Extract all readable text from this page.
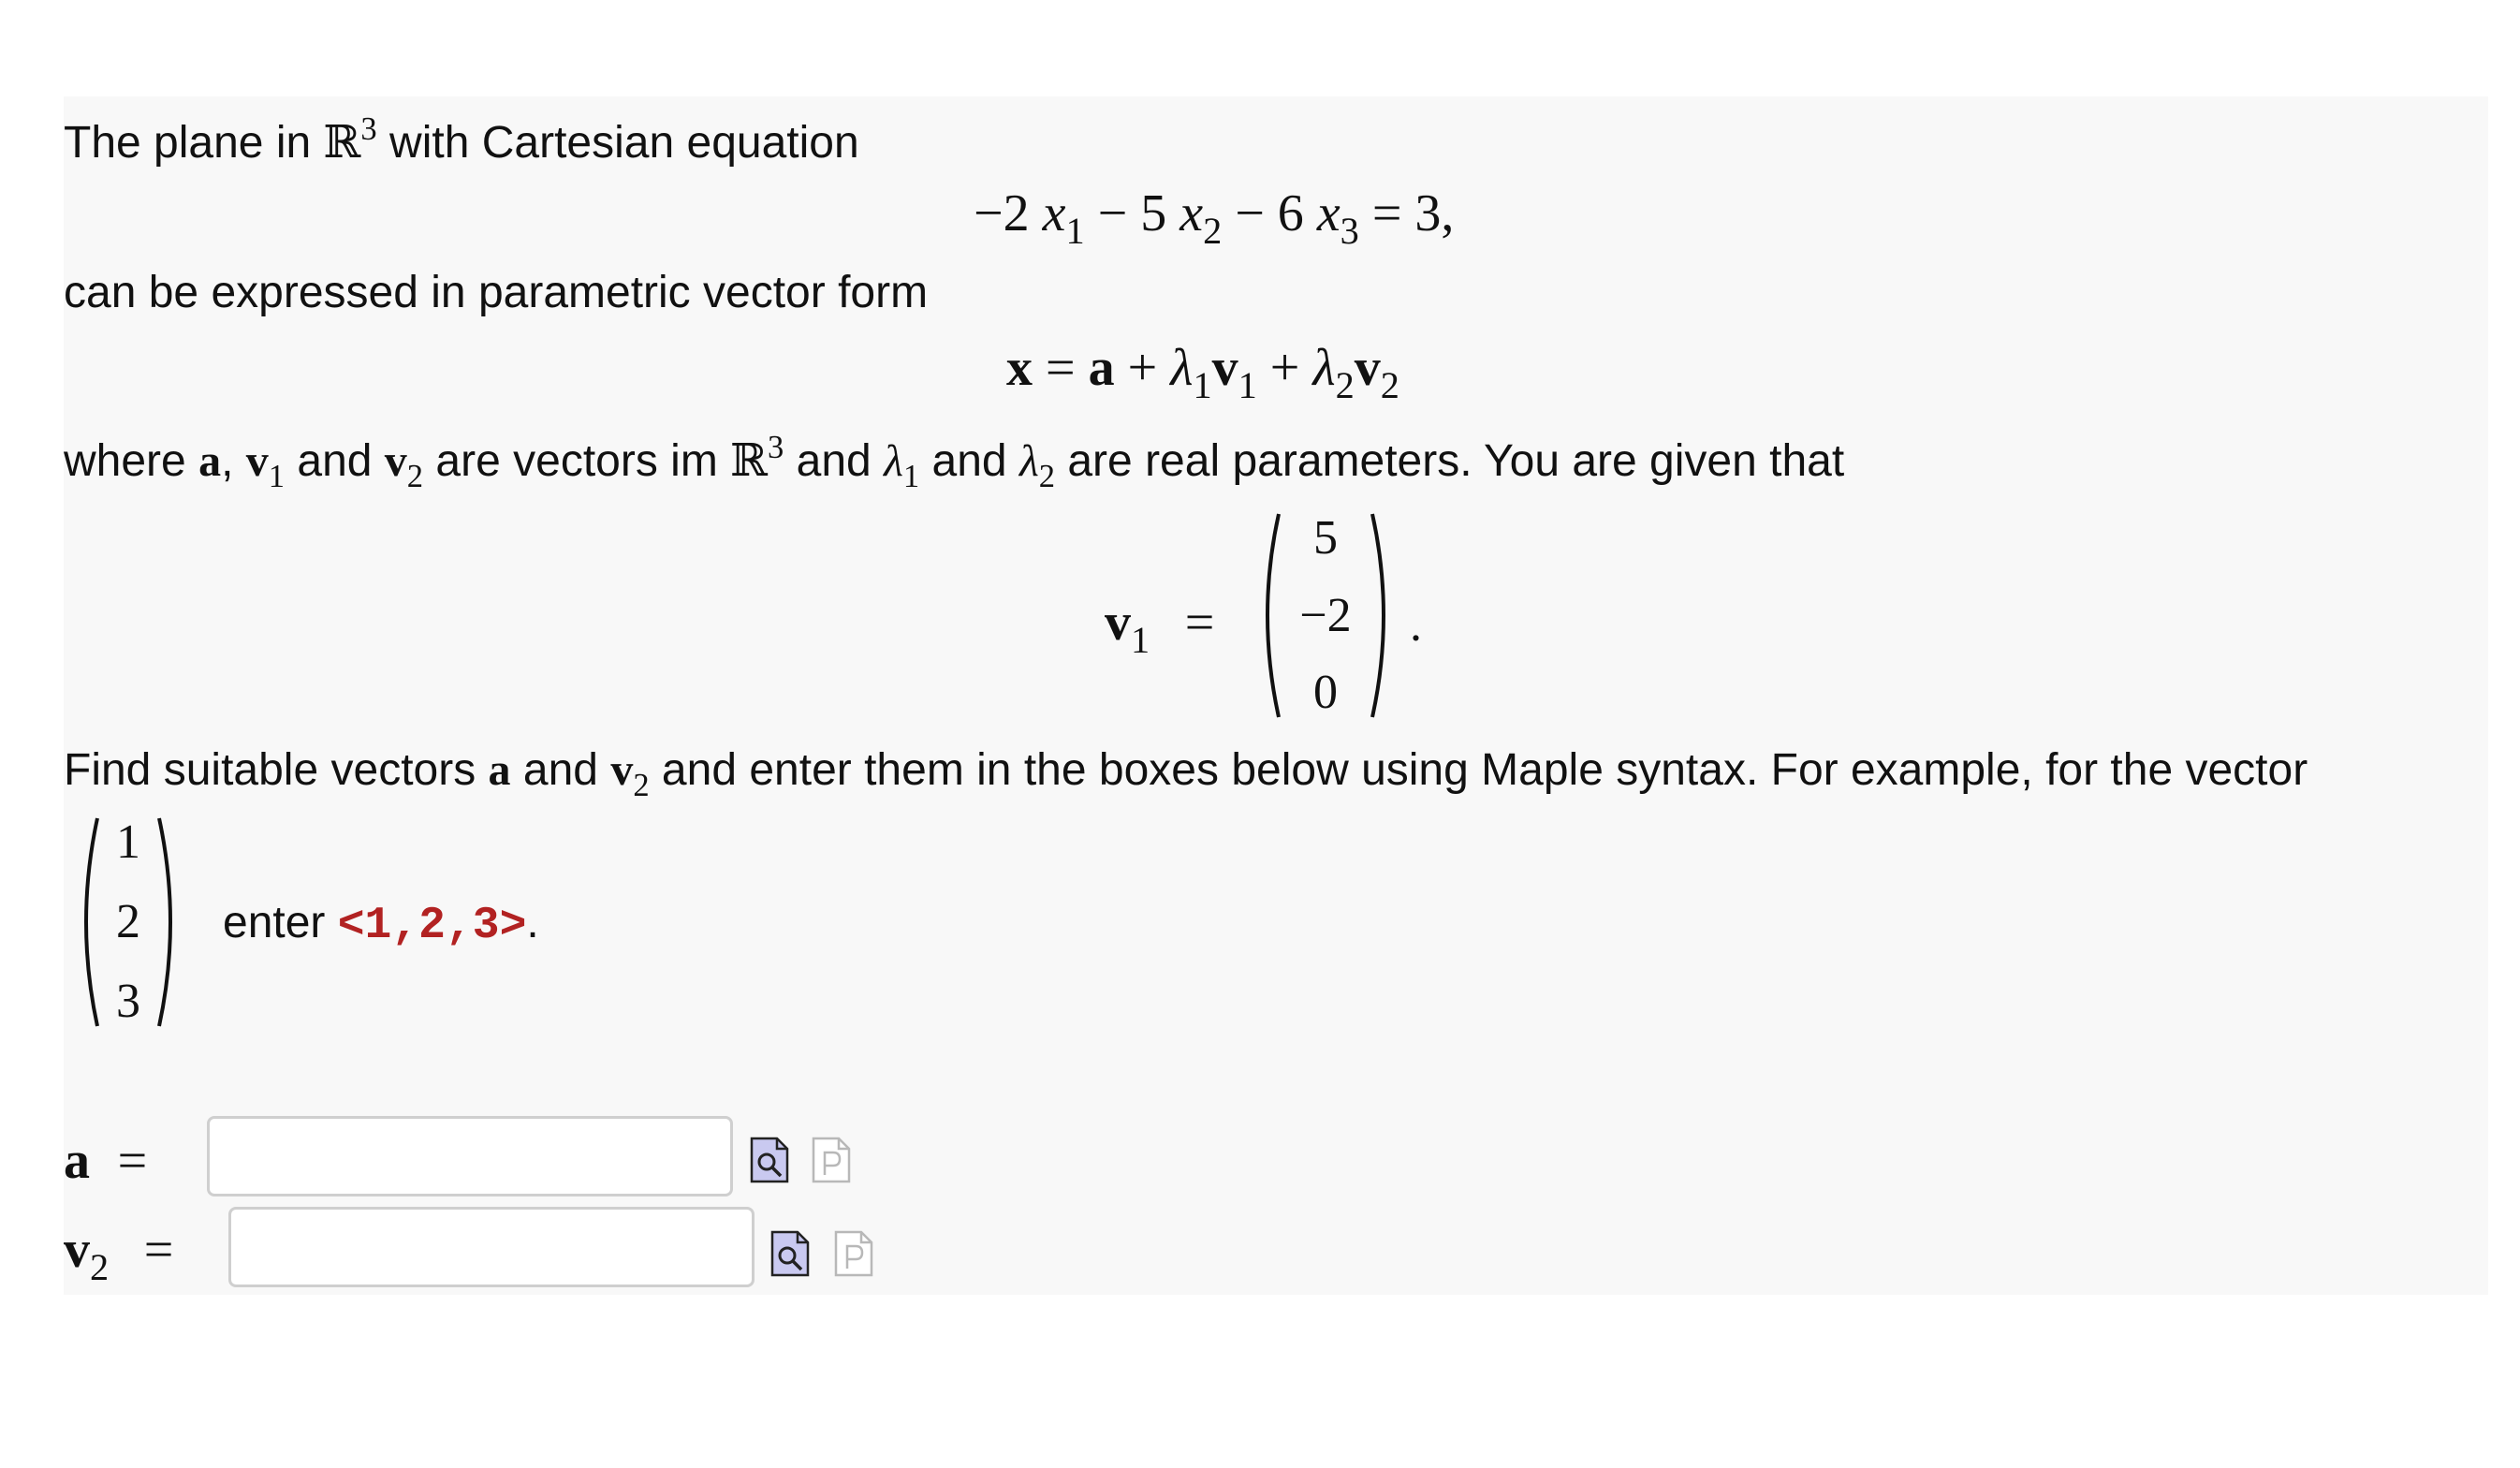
The plane in ℝ$^3$ with Cartesian equation
−2 $x_1 - 5$ $x_2 - 6$ $x_3 = 3$,
can be expressed in parametric vector form
$x = a + \lambda_1v_1 + \lambda_2v_2$
where a, $v_1$ and $v_2$ are vectors im ℝ$^3$ and $\lambda_1$ and $\lambda_2$ are real parameters. You are given that
$v_1$ =
5
−2
0
.
Find suitable vectors a and $v_2$ and enter them in the boxes below using Maple syntax. For example, for the vector
1
2
3
enter <1,2,3>.
a =
$v_2$ =
